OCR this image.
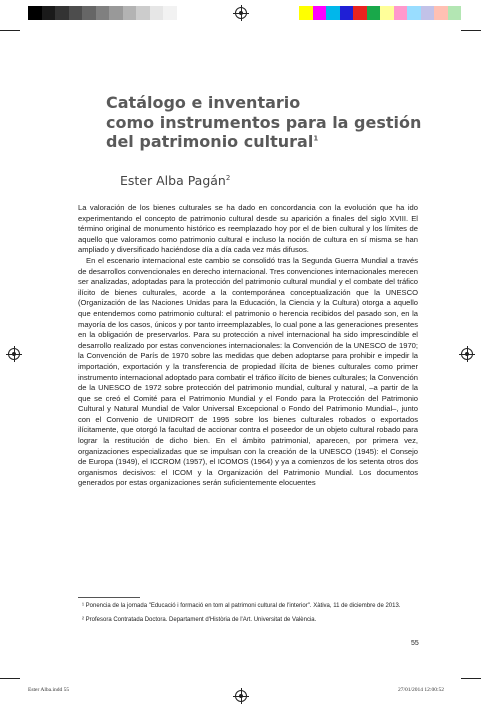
Catálogo e inventario
como instrumentos para la gestión
del patrimonio cultural$^1$
Ester Alba Pagán$^2$

La valoración de los bienes culturales se ha dado en concordancia con la evolución que ha ido experimentando el concepto de patrimonio cultural desde su aparición a finales del siglo XVIII. El término original de monumento histórico es reemplazado hoy por el de bien cultural y los límites de aquello que valoramos como patrimonio cultural e incluso la noción de cultura en sí misma se han ampliado y diversificado haciéndose día a día cada vez más difusos.

En el escenario internacional este cambio se consolidó tras la Segunda Guerra Mundial a través de desarrollos convencionales en derecho internacional. Tres convenciones internacionales merecen ser analizadas, adoptadas para la protección del patrimonio cultural mundial y el combate del tráfico ilícito de bienes culturales, acorde a la contemporánea conceptualización que la UNESCO (Organización de las Naciones Unidas para la Educación, la Ciencia y la Cultura) otorga a aquello que entendemos como patrimonio cultural: el patrimonio o herencia recibidos del pasado son, en la mayoría de los casos, únicos y por tanto irreemplazables, lo cual pone a las generaciones presentes en la obligación de preservarlos. Para su protección a nivel internacional ha sido imprescindible el desarrollo realizado por estas convenciones internacionales: la Convención de la UNESCO de 1970; la Convención de París de 1970 sobre las medidas que deben adoptarse para prohibir e impedir la importación, exportación y la transferencia de propiedad ilícita de bienes culturales como primer instrumento internacional adoptado para combatir el tráfico ilícito de bienes culturales; la Convención de la UNESCO de 1972 sobre protección del patrimonio mundial, cultural y natural, –a partir de la que se creó el Comité para el Patrimonio Mundial y el Fondo para la Protección del Patrimonio Cultural y Natural Mundial de Valor Universal Excepcional o Fondo del Patrimonio Mundial–, junto con el Convenio de UNIDROIT de 1995 sobre los bienes culturales robados o exportados ilícitamente, que otorgó la facultad de accionar contra el poseedor de un objeto cultural robado para lograr la restitución de dicho bien. En el ámbito patrimonial, aparecen, por primera vez, organizaciones especializadas que se impulsan con la creación de la UNESCO (1945): el Consejo de Europa (1949), el ICCROM (1957), el ICOMOS (1964) y ya a comienzos de los setenta otros dos organismos decisivos: el ICOM y la Organización del Patrimonio Mundial. Los documentos generados por estas organizaciones serán suficientemente elocuentes

¹ Ponencia de la jornada "Educació i formació en tom al patrimoni cultural de l'interior". Xàtiva, 11 de diciembre de 2013.

² Profesora Contratada Doctora. Departament d'Història de l'Art. Universitat de València.

55
Ester Alba.indd 55	27/01/2014 12:00:52
